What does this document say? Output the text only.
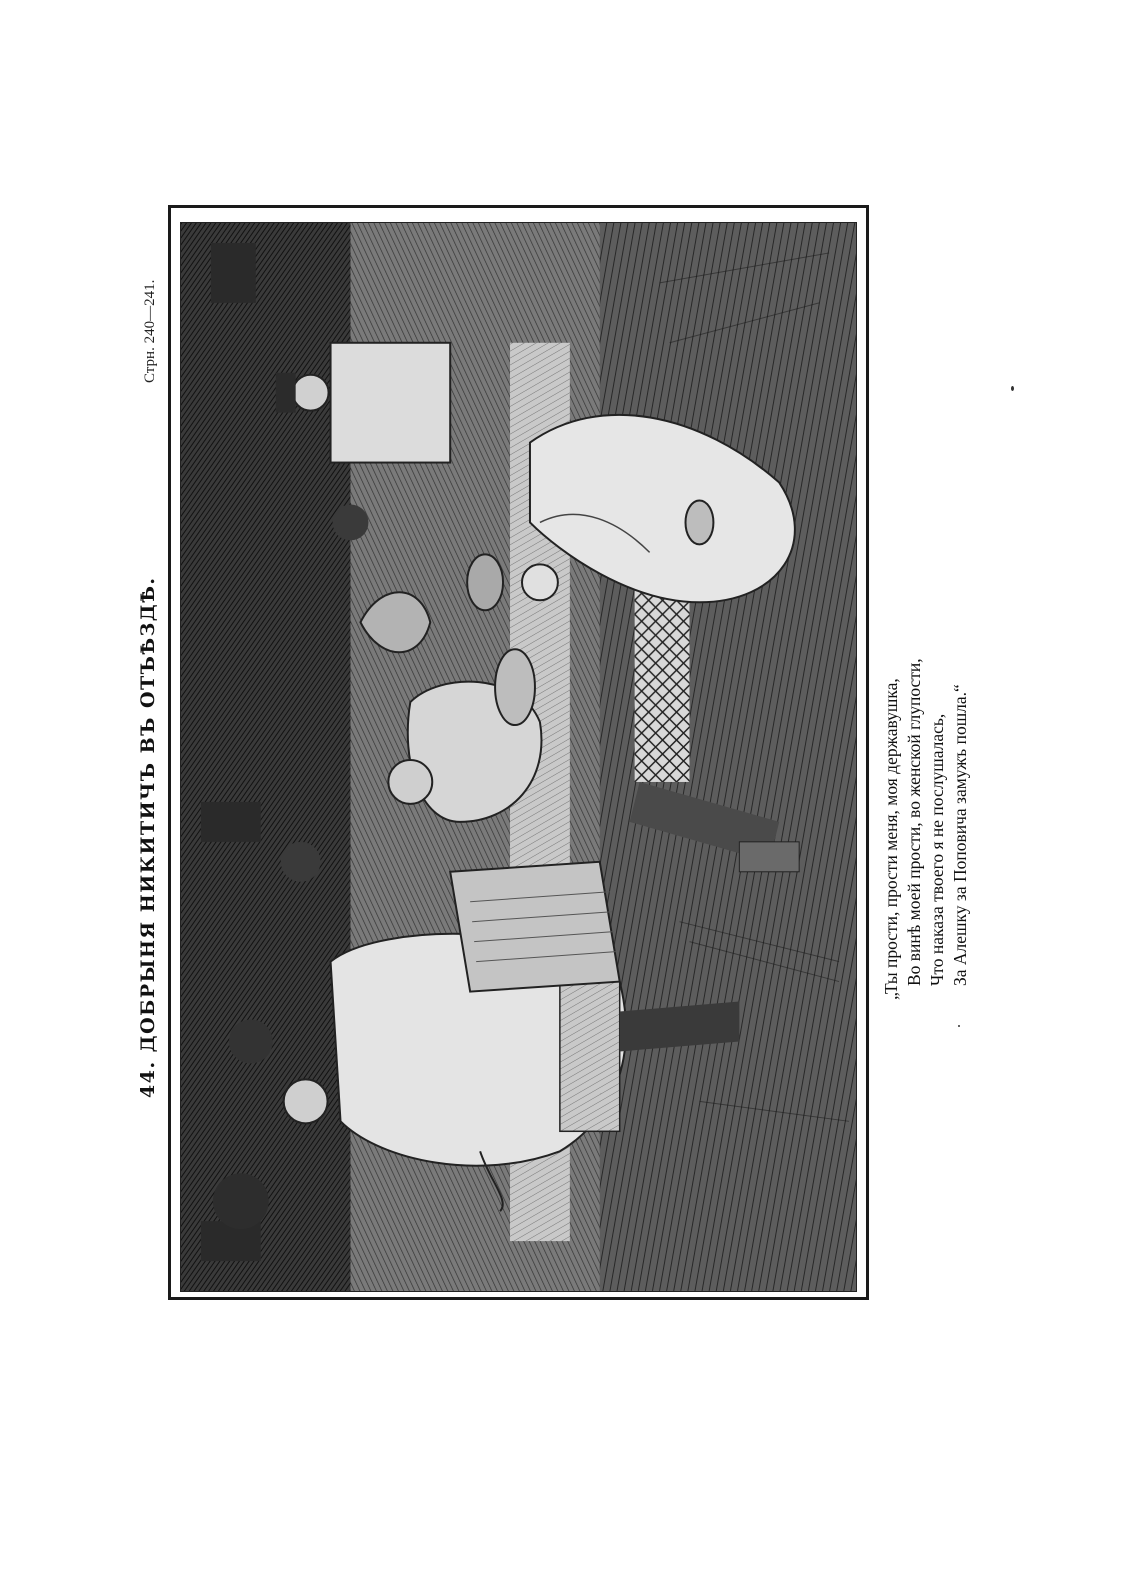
44. ДОБРЫНЯ НИКИТИЧЪ ВЪ ОТЪѢЗДѢ.
Стрн. 240—241.
„Ты прости, прости меня, моя державушка, Во винѣ моей прости, во женской глупости, Что наказа твоего я не послушалась, За Алешку за Поповича замужъ пошла.“
